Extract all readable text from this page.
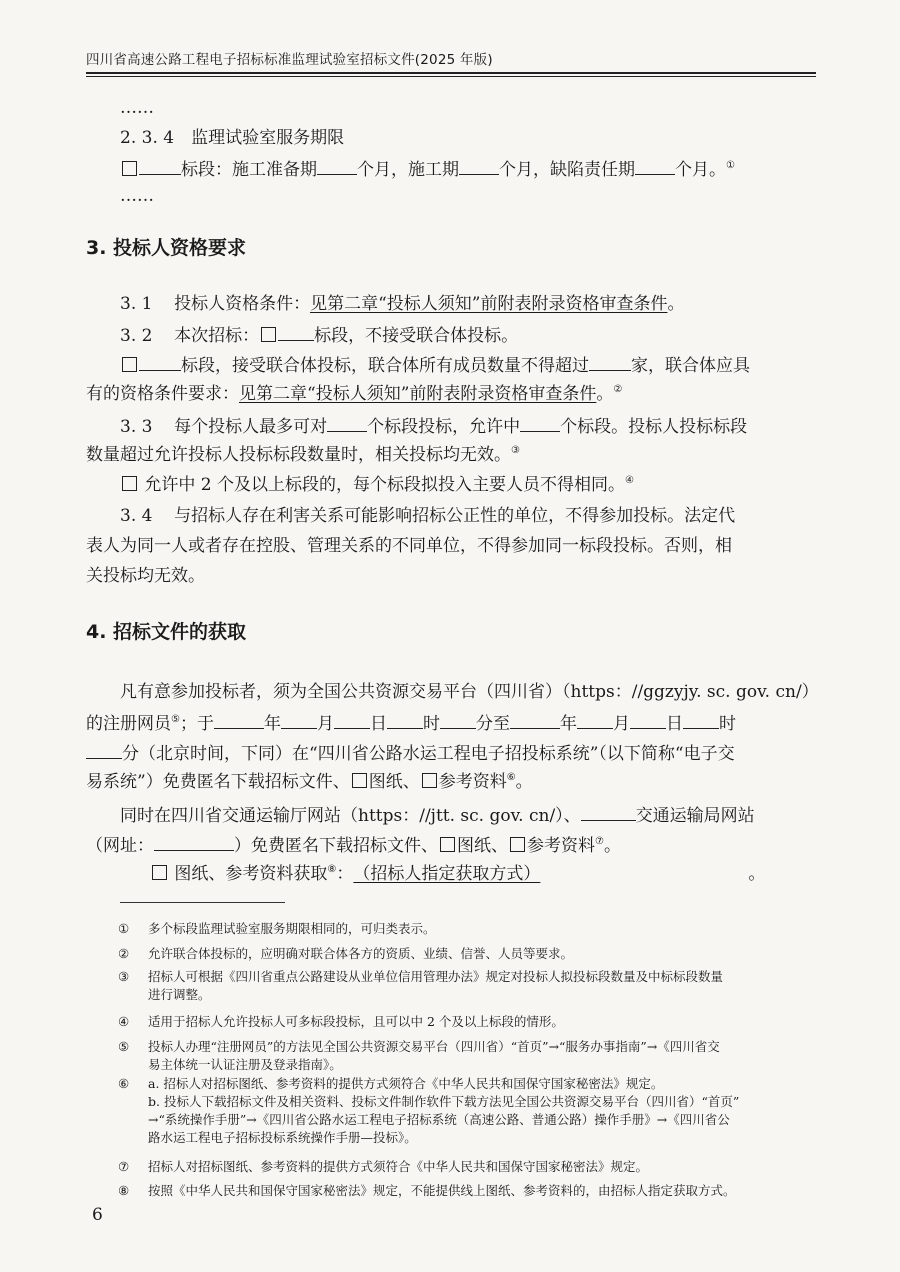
四川省高速公路工程电子招标标准监理试验室招标文件(2025 年版)
……
2. 3. 4　监理试验室服务期限
标段：施工准备期 个月，施工期 个月，缺陷责任期 个月。①
……
3. 投标人资格要求
3. 1 投标人资格条件：见第二章“投标人须知”前附表附录资格审查条件。
3. 2 本次招标：	标段，不接受联合体投标。
标段，接受联合体投标，联合体所有成员数量不得超过 家，联合体应具
有的资格条件要求：见第二章“投标人须知”前附表附录资格审查条件。②
3. 3 每个投标人最多可对 个标段投标，允许中 个标段。投标人投标标段
数量超过允许投标人投标标段数量时，相关投标均无效。③
允许中 2 个及以上标段的，每个标段拟投入主要人员不得相同。④
3. 4 与招标人存在利害关系可能影响招标公正性的单位，不得参加投标。法定代
表人为同一人或者存在控股、管理关系的不同单位，不得参加同一标段投标。否则，相
关投标均无效。
4. 招标文件的获取
凡有意参加投标者，须为全国公共资源交易平台（四川省）（https：//ggzyjy. sc. gov. cn/）
的注册网员⑤；于	年 月 日 时 分至	年 月 日 时
分（北京时间，下同）在“四川省公路水运工程电子招投标系统”（以下简称“电子交
易系统”）免费匿名下载招标文件、 图纸、 参考资料⑥。
同时在四川省交通运输厅网站（https：//jtt. sc. gov. cn/）、	交通运输局网站
（网址：	）免费匿名下载招标文件、 图纸、 参考资料⑦。
图纸、参考资料获取⑧：（招标人指定获取方式）	。
① 多个标段监理试验室服务期限相同的，可归类表示。
② 允许联合体投标的，应明确对联合体各方的资质、业绩、信誉、人员等要求。
③ 招标人可根据《四川省重点公路建设从业单位信用管理办法》规定对投标人拟投标段数量及中标标段数量
进行调整。
④ 适用于招标人允许投标人可多标段投标，且可以中 2 个及以上标段的情形。
⑤ 投标人办理“注册网员”的方法见全国公共资源交易平台（四川省）“首页”→“服务办事指南”→《四川省交
易主体统一认证注册及登录指南》。
⑥ a. 招标人对招标图纸、参考资料的提供方式须符合《中华人民共和国保守国家秘密法》规定。
b. 投标人下载招标文件及相关资料、投标文件制作软件下载方法见全国公共资源交易平台（四川省）“首页”
→“系统操作手册”→《四川省公路水运工程电子招标系统（高速公路、普通公路）操作手册》→《四川省公
路水运工程电子招标投标系统操作手册—投标》。
⑦ 招标人对招标图纸、参考资料的提供方式须符合《中华人民共和国保守国家秘密法》规定。
⑧ 按照《中华人民共和国保守国家秘密法》规定，不能提供线上图纸、参考资料的，由招标人指定获取方式。
6
